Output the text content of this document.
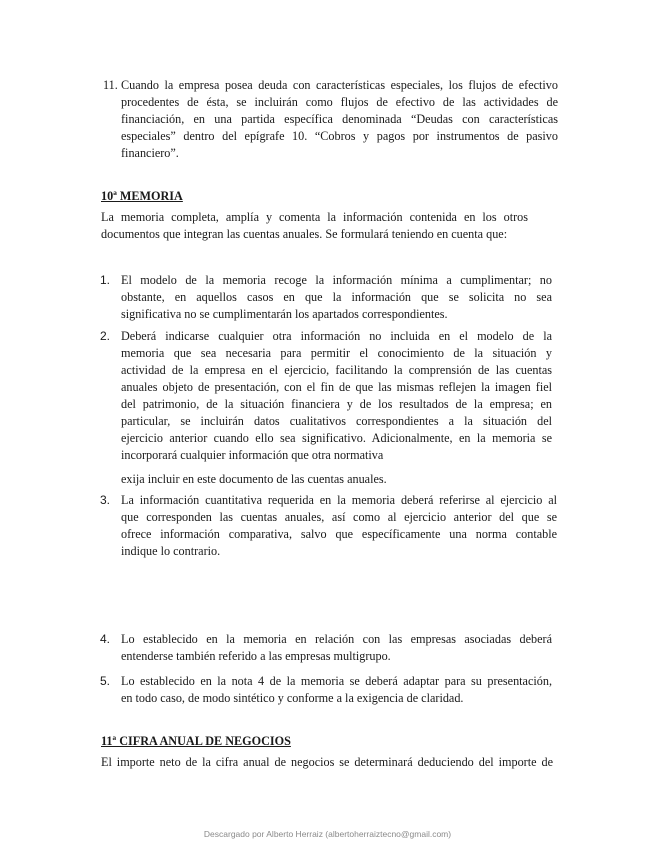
11. Cuando la empresa posea deuda con características especiales, los flujos de efectivo
procedentes de ésta, se incluirán como flujos de efectivo de las actividades de
financiación, en una partida específica denominada “Deudas con características
especiales” dentro del epígrafe 10. “Cobros y pagos por instrumentos de pasivo
financiero”.
10ª MEMORIA
La memoria completa, amplía y comenta la información contenida en los otros
documentos que integran las cuentas anuales. Se formulará teniendo en cuenta que:
1. El modelo de la memoria recoge la información mínima a cumplimentar; no
obstante, en aquellos casos en que la información que se solicita no sea
significativa no se cumplimentarán los apartados correspondientes.
2. Deberá indicarse cualquier otra información no incluida en el modelo de la
memoria que sea necesaria para permitir el conocimiento de la situación y
actividad de la empresa en el ejercicio, facilitando la comprensión de las cuentas
anuales objeto de presentación, con el fin de que las mismas reflejen la imagen fiel
del patrimonio, de la situación financiera y de los resultados de la empresa; en
particular, se incluirán datos cualitativos correspondientes a la situación del
ejercicio anterior cuando ello sea significativo. Adicionalmente, en la memoria se
incorporará cualquier información que otra normativa
exija incluir en este documento de las cuentas anuales.
3. La información cuantitativa requerida en la memoria deberá referirse al ejercicio al
que corresponden las cuentas anuales, así como al ejercicio anterior del que se
ofrece información comparativa, salvo que específicamente una norma contable
indique lo contrario.
4. Lo establecido en la memoria en relación con las empresas asociadas deberá
entenderse también referido a las empresas multigrupo.
5. Lo establecido en la nota 4 de la memoria se deberá adaptar para su presentación,
en todo caso, de modo sintético y conforme a la exigencia de claridad.
11ª CIFRA ANUAL DE NEGOCIOS
El importe neto de la cifra anual de negocios se determinará deduciendo del importe de
Descargado por Alberto Herraiz (albertoherraiztecno@gmail.com)
